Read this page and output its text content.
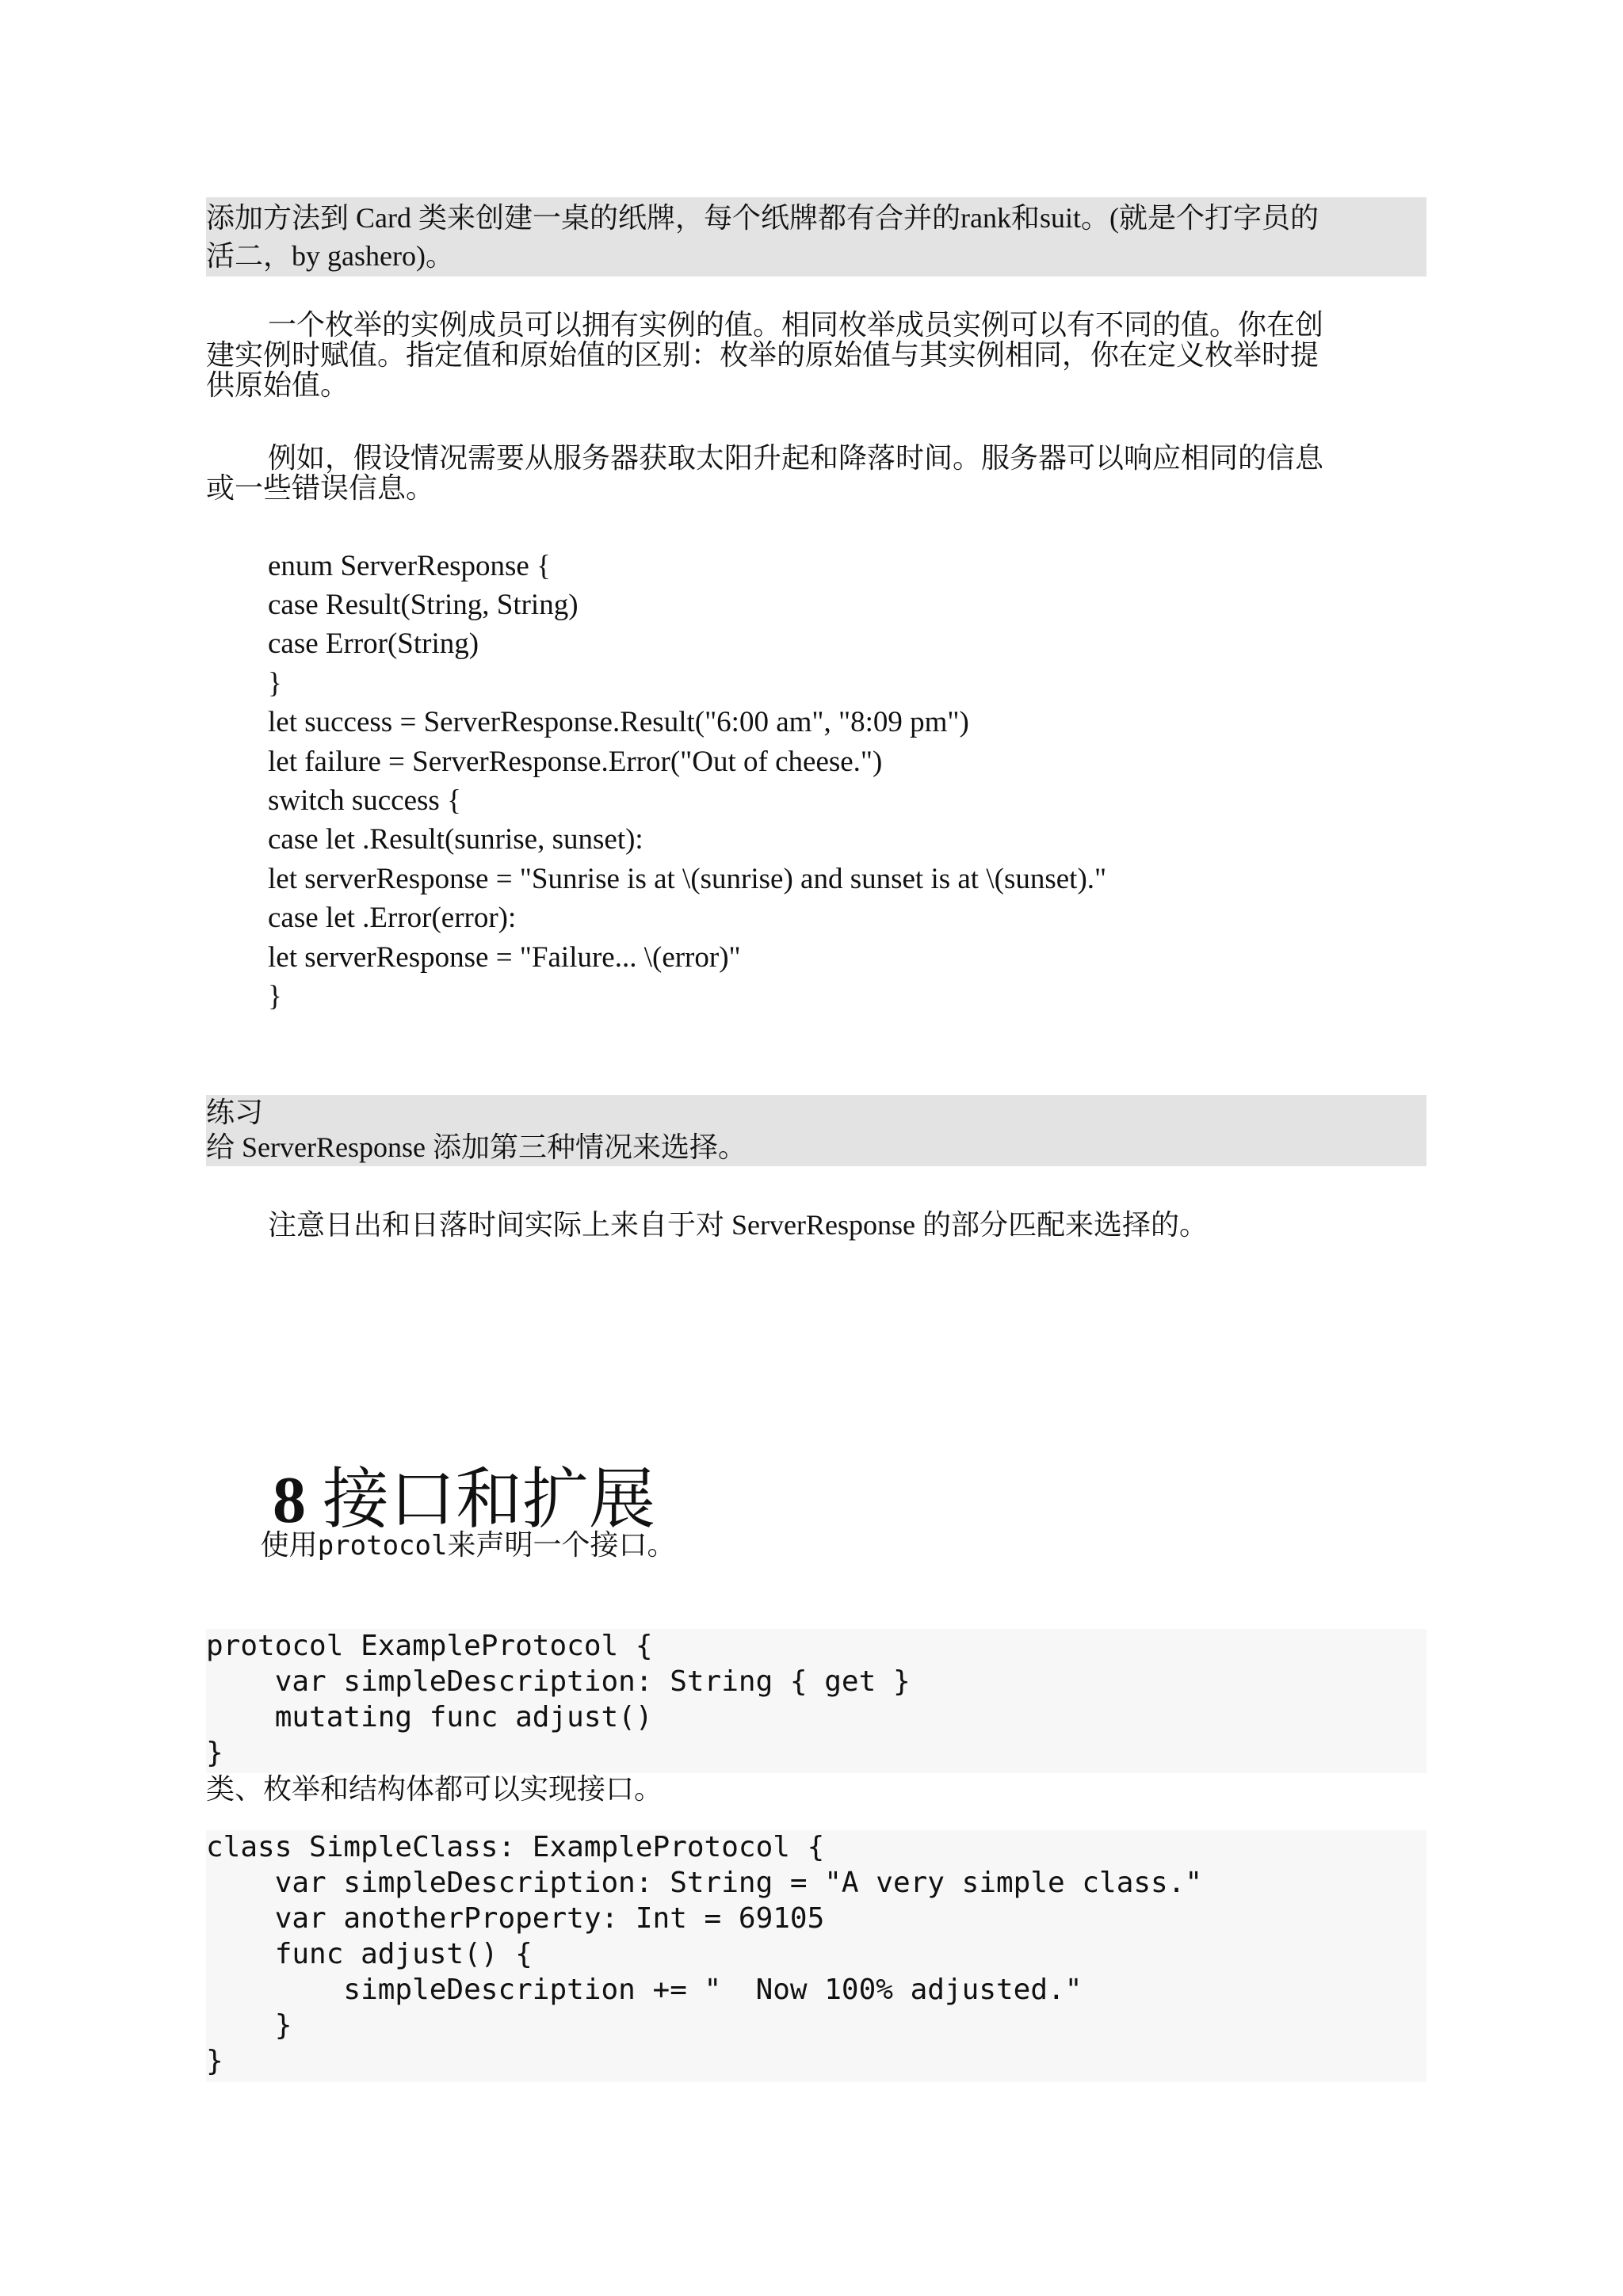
添加方法到 Card 类来创建一桌的纸牌，每个纸牌都有合并的rank和suit。(就是个打字员的
活二，by gashero)。
一个枚举的实例成员可以拥有实例的值。相同枚举成员实例可以有不同的值。你在创
建实例时赋值。指定值和原始值的区别：枚举的原始值与其实例相同，你在定义枚举时提
供原始值。
例如，假设情况需要从服务器获取太阳升起和降落时间。服务器可以响应相同的信息
或一些错误信息。
enum ServerResponse {
case Result(String, String)
case Error(String)
}
let success = ServerResponse.Result("6:00 am", "8:09 pm")
let failure = ServerResponse.Error("Out of cheese.")
switch success {
case let .Result(sunrise, sunset):
let serverResponse = "Sunrise is at \(sunrise) and sunset is at \(sunset)."
case let .Error(error):
let serverResponse = "Failure... \(error)"
}
练习
给 ServerResponse 添加第三种情况来选择。
注意日出和日落时间实际上来自于对 ServerResponse 的部分匹配来选择的。

8 接口和扩展

使用protocol来声明一个接口。

protocol ExampleProtocol {
var simpleDescription: String { get }
mutating func adjust()
}
类、枚举和结构体都可以实现接口。
class SimpleClass: ExampleProtocol {
var simpleDescription: String = "A very simple class."
var anotherProperty: Int = 69105
func adjust() {
simpleDescription += "  Now 100% adjusted."
}
}
